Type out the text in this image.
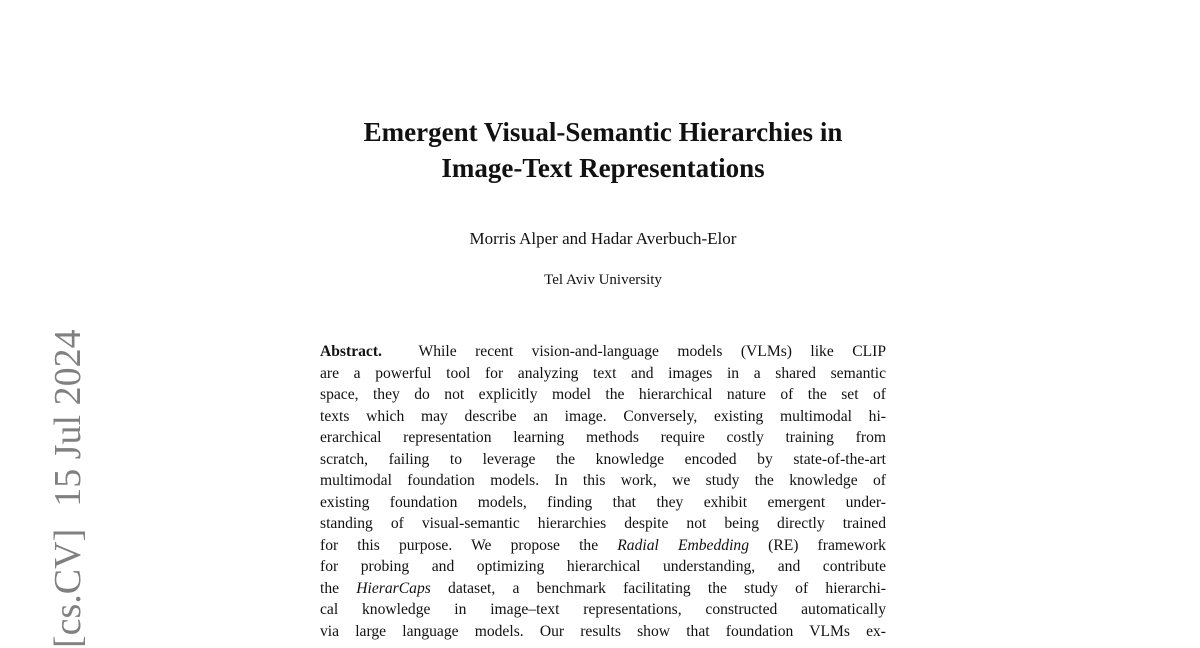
[cs.CV]15 Jul 2024
Emergent Visual-Semantic Hierarchies in
Image-Text Representations
Morris Alper and Hadar Averbuch-Elor
Tel Aviv University

Abstract. While recent vision-and-language models (VLMs) like CLIP
are a powerful tool for analyzing text and images in a shared semantic
space, they do not explicitly model the hierarchical nature of the set of
texts which may describe an image. Conversely, existing multimodal hi-
erarchical representation learning methods require costly training from
scratch, failing to leverage the knowledge encoded by state-of-the-art
multimodal foundation models. In this work, we study the knowledge of
existing foundation models, finding that they exhibit emergent under-
standing of visual-semantic hierarchies despite not being directly trained
for this purpose. We propose the Radial Embedding (RE) framework
for probing and optimizing hierarchical understanding, and contribute
the HierarCaps dataset, a benchmark facilitating the study of hierarchi-
cal knowledge in image–text representations, constructed automatically
via large language models. Our results show that foundation VLMs ex-
